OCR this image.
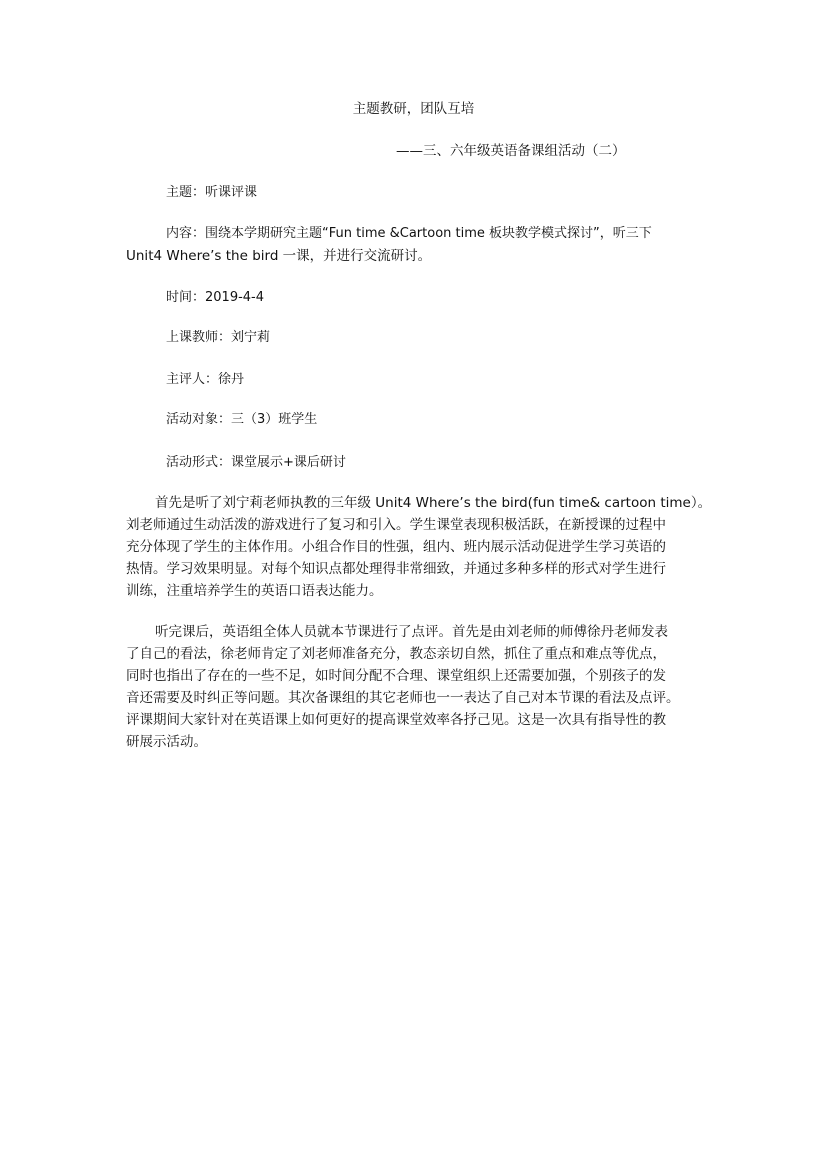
主题教研，团队互培
——三、六年级英语备课组活动（二）
主题：听课评课
内容：围绕本学期研究主题“Fun time &Cartoon time 板块教学模式探讨”，听三下
Unit4 Where’s the bird 一课，并进行交流研讨。
时间：2019-4-4
上课教师：刘宁莉
主评人：徐丹
活动对象：三（3）班学生
活动形式：课堂展示+课后研讨
首先是听了刘宁莉老师执教的三年级 Unit4 Where’s the bird(fun time& cartoon time）。
刘老师通过生动活泼的游戏进行了复习和引入。学生课堂表现积极活跃，在新授课的过程中
充分体现了学生的主体作用。小组合作目的性强，组内、班内展示活动促进学生学习英语的
热情。学习效果明显。对每个知识点都处理得非常细致，并通过多种多样的形式对学生进行
训练，注重培养学生的英语口语表达能力。
听完课后，英语组全体人员就本节课进行了点评。首先是由刘老师的师傅徐丹老师发表
了自己的看法，徐老师肯定了刘老师准备充分，教态亲切自然，抓住了重点和难点等优点，
同时也指出了存在的一些不足，如时间分配不合理、课堂组织上还需要加强，个别孩子的发
音还需要及时纠正等问题。其次备课组的其它老师也一一表达了自己对本节课的看法及点评。
评课期间大家针对在英语课上如何更好的提高课堂效率各抒己见。这是一次具有指导性的教
研展示活动。
